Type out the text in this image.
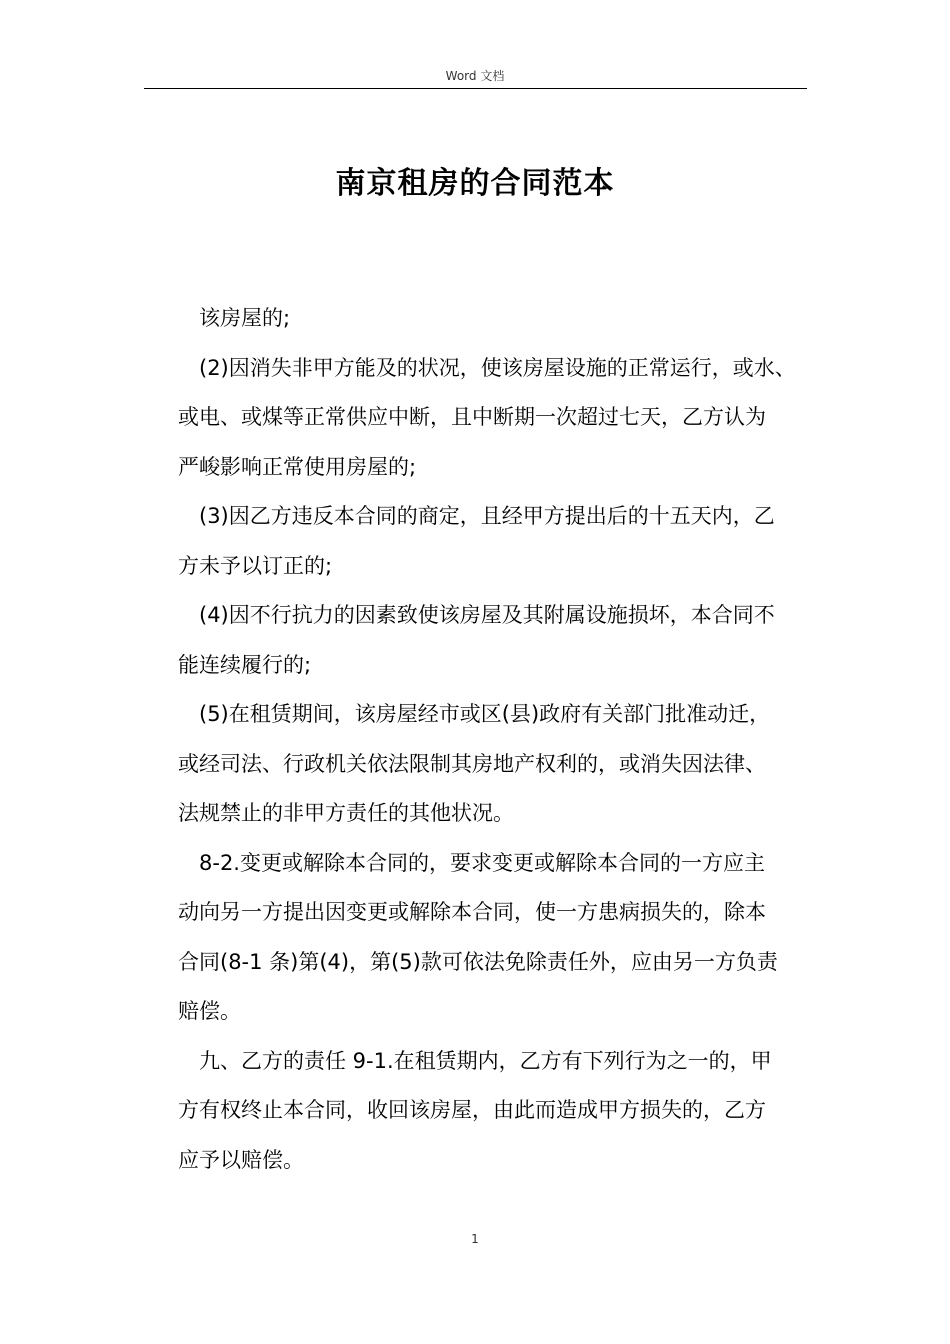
Word 文档
南京租房的合同范本

该房屋的;

(2)因消失非甲方能及的状况，使该房屋设施的正常运行，或水、

或电、或煤等正常供应中断，且中断期一次超过七天，乙方认为

严峻影响正常使用房屋的;

(3)因乙方违反本合同的商定，且经甲方提出后的十五天内，乙

方未予以订正的;

(4)因不行抗力的因素致使该房屋及其附属设施损坏，本合同不

能连续履行的;

(5)在租赁期间，该房屋经市或区(县)政府有关部门批准动迁，

或经司法、行政机关依法限制其房地产权利的，或消失因法律、

法规禁止的非甲方责任的其他状况。

8-2.变更或解除本合同的，要求变更或解除本合同的一方应主

动向另一方提出因变更或解除本合同，使一方患病损失的，除本

合同(8-1 条)第(4)，第(5)款可依法免除责任外，应由另一方负责

赔偿。

九、乙方的责任 9-1.在租赁期内，乙方有下列行为之一的，甲

方有权终止本合同，收回该房屋，由此而造成甲方损失的，乙方

应予以赔偿。

1
